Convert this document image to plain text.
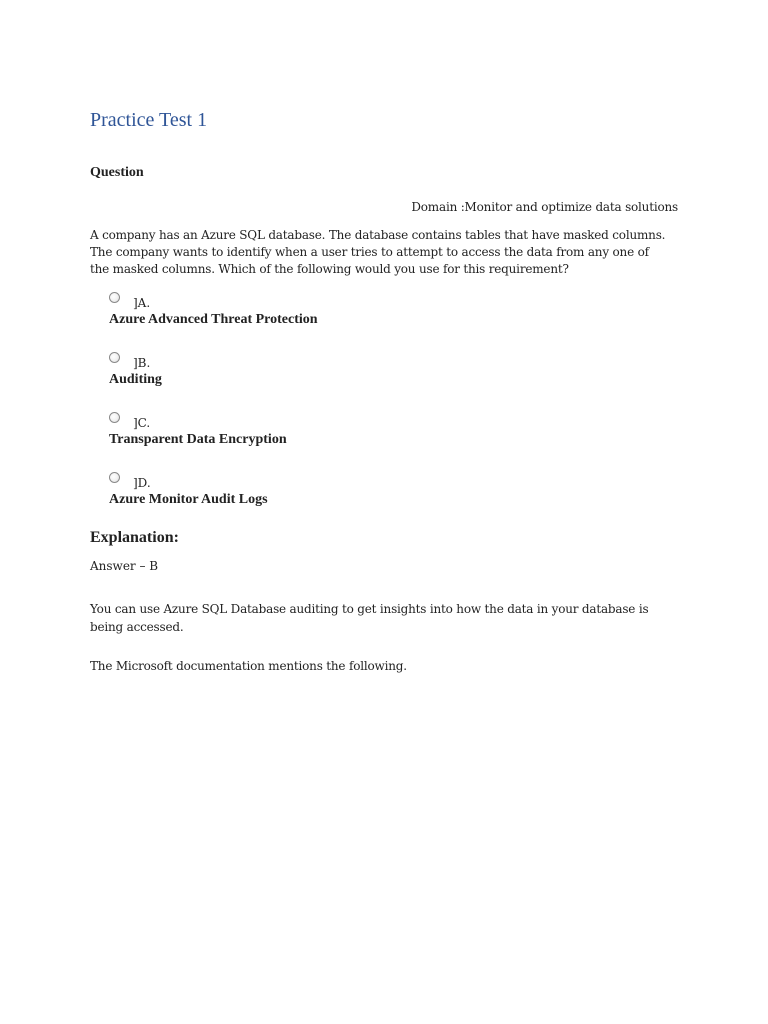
Practice Test 1
Question
Domain :Monitor and optimize data solutions
A company has an Azure SQL database. The database contains tables that have masked columns. The company wants to identify when a user tries to attempt to access the data from any one of the masked columns. Which of the following would you use for this requirement?
]A.
Azure Advanced Threat Protection
]B.
Auditing
]C.
Transparent Data Encryption
]D.
Azure Monitor Audit Logs
Explanation:
Answer – B
You can use Azure SQL Database auditing to get insights into how the data in your database is being accessed.
The Microsoft documentation mentions the following.
